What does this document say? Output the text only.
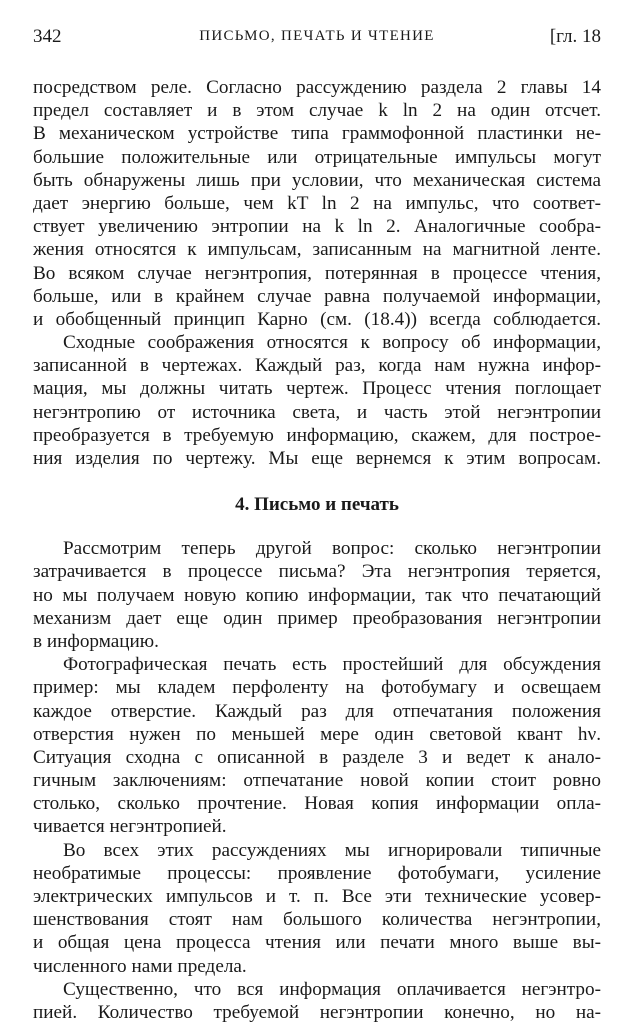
342	ПИСЬМО, ПЕЧАТЬ И ЧТЕНИЕ	[гл. 18
посредством реле. Согласно рассуждению раздела 2 главы 14
предел составляет и в этом случае k ln 2 на один отсчет.
В механическом устройстве типа граммофонной пластинки не-
большие положительные или отрицательные импульсы могут
быть обнаружены лишь при условии, что механическая система
дает энергию больше, чем kT ln 2 на импульс, что соответ-
ствует увеличению энтропии на k ln 2. Аналогичные сообра-
жения относятся к импульсам, записанным на магнитной ленте.
Во всяком случае негэнтропия, потерянная в процессе чтения,
больше, или в крайнем случае равна получаемой информации,
и обобщенный принцип Карно (см. (18.4)) всегда соблюдается.
Сходные соображения относятся к вопросу об информации,
записанной в чертежах. Каждый раз, когда нам нужна инфор-
мация, мы должны читать чертеж. Процесс чтения поглощает
негэнтропию от источника света, и часть этой негэнтропии
преобразуется в требуемую информацию, скажем, для построе-
ния изделия по чертежу. Мы еще вернемся к этим вопросам.
4. Письмо и печать
Рассмотрим теперь другой вопрос: сколько негэнтропии
затрачивается в процессе письма? Эта негэнтропия теряется,
но мы получаем новую копию информации, так что печатающий
механизм дает еще один пример преобразования негэнтропии
в информацию.
Фотографическая печать есть простейший для обсуждения
пример: мы кладем перфоленту на фотобумагу и освещаем
каждое отверстие. Каждый раз для отпечатания положения
отверстия нужен по меньшей мере один световой квант hν.
Ситуация сходна с описанной в разделе 3 и ведет к анало-
гичным заключениям: отпечатание новой копии стоит ровно
столько, сколько прочтение. Новая копия информации опла-
чивается негэнтропией.
Во всех этих рассуждениях мы игнорировали типичные
необратимые процессы: проявление фотобумаги, усиление
электрических импульсов и т. п. Все эти технические усовер-
шенствования стоят нам большого количества негэнтропии,
и общая цена процесса чтения или печати много выше вы-
численного нами предела.
Существенно, что вся информация оплачивается негэнтро-
пией. Количество требуемой негэнтропии конечно, но на-
